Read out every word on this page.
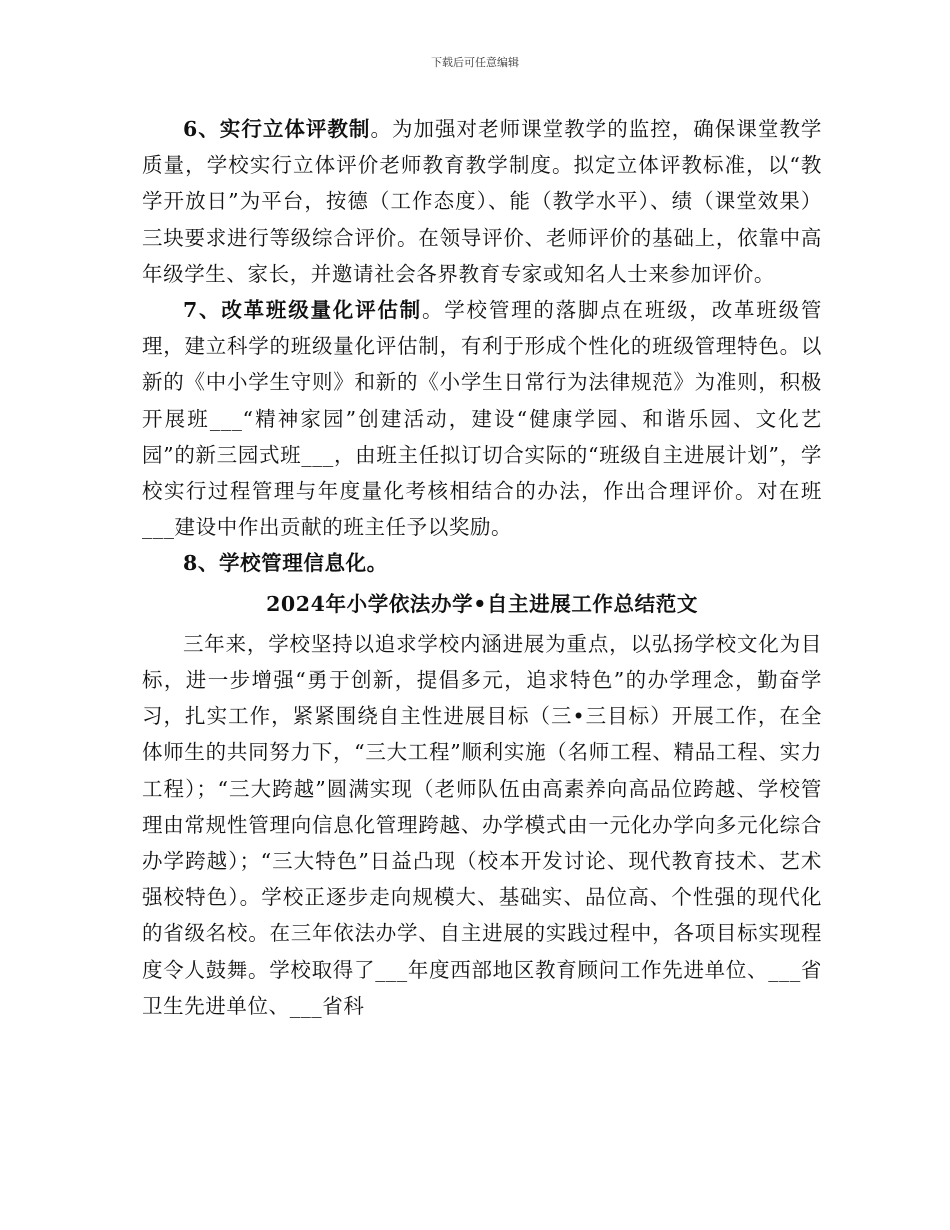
下载后可任意编辑

6、实行立体评教制。为加强对老师课堂教学的监控，确保课堂教学质量，学校实行立体评价老师教育教学制度。拟定立体评教标准，以“教学开放日”为平台，按德（工作态度）、能（教学水平）、绩（课堂效果）三块要求进行等级综合评价。在领导评价、老师评价的基础上，依靠中高年级学生、家长，并邀请社会各界教育专家或知名人士来参加评价。

7、改革班级量化评估制。学校管理的落脚点在班级，改革班级管理，建立科学的班级量化评估制，有利于形成个性化的班级管理特色。以新的《中小学生守则》和新的《小学生日常行为法律规范》为准则，积极开展班___“精神家园”创建活动，建设“健康学园、和谐乐园、文化艺园”的新三园式班___，由班主任拟订切合实际的“班级自主进展计划”，学校实行过程管理与年度量化考核相结合的办法，作出合理评价。对在班___建设中作出贡献的班主任予以奖励。

8、学校管理信息化。

2024年小学依法办学•自主进展工作总结范文

三年来，学校坚持以追求学校内涵进展为重点，以弘扬学校文化为目标，进一步增强“勇于创新，提倡多元，追求特色”的办学理念，勤奋学习，扎实工作，紧紧围绕自主性进展目标（三•三目标）开展工作，在全体师生的共同努力下，“三大工程”顺利实施（名师工程、精品工程、实力工程）；“三大跨越”圆满实现（老师队伍由高素养向高品位跨越、学校管理由常规性管理向信息化管理跨越、办学模式由一元化办学向多元化综合办学跨越）；“三大特色”日益凸现（校本开发讨论、现代教育技术、艺术强校特色）。学校正逐步走向规模大、基础实、品位高、个性强的现代化的省级名校。在三年依法办学、自主进展的实践过程中，各项目标实现程度令人鼓舞。学校取得了___年度西部地区教育顾问工作先进单位、___省卫生先进单位、___省科
